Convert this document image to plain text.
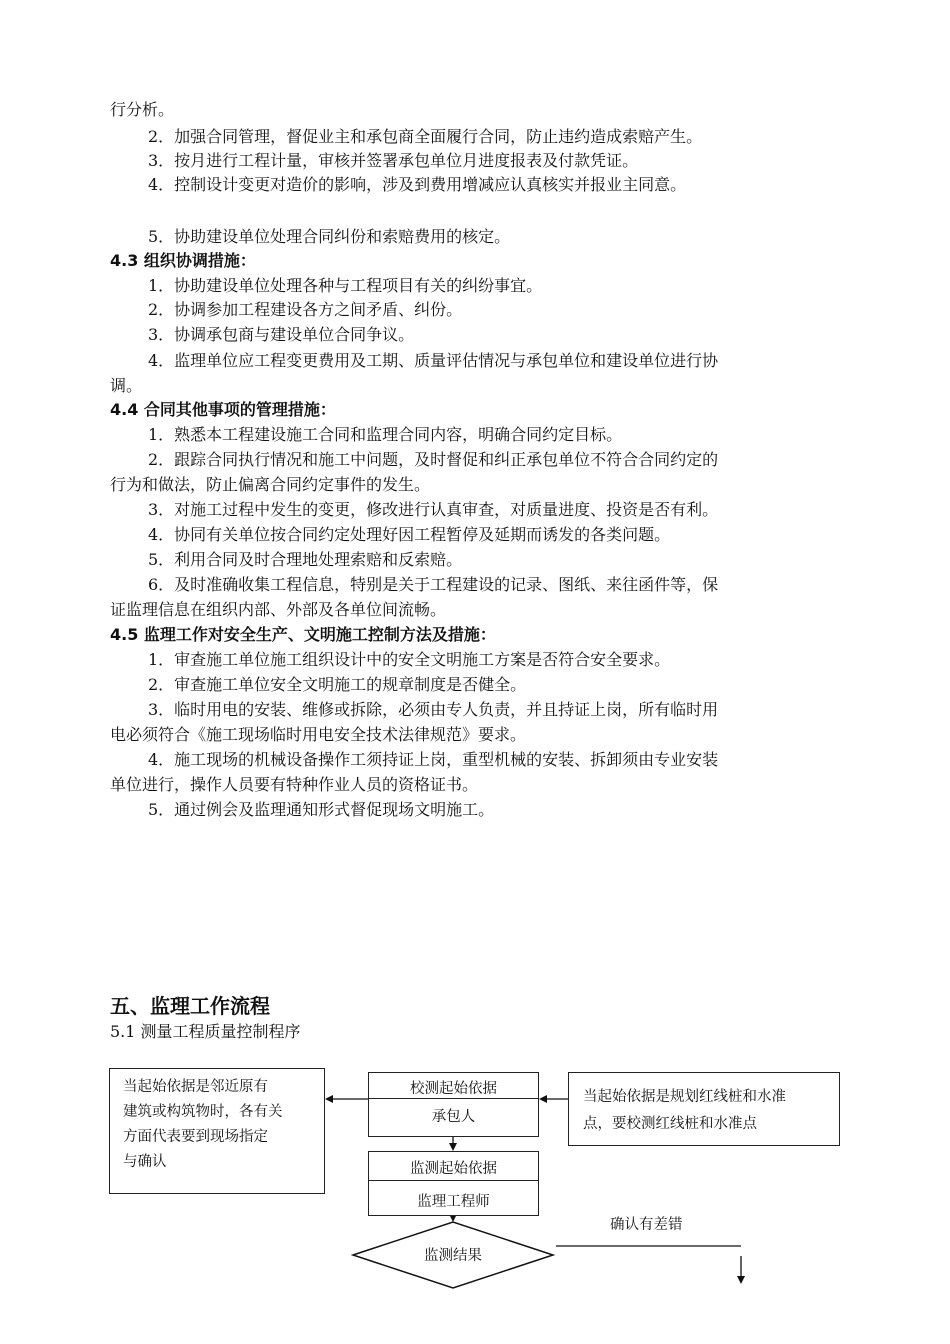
行分析。
2．加强合同管理，督促业主和承包商全面履行合同，防止违约造成索赔产生。
3．按月进行工程计量，审核并签署承包单位月进度报表及付款凭证。
4．控制设计变更对造价的影响，涉及到费用增减应认真核实并报业主同意。
5．协助建设单位处理合同纠份和索赔费用的核定。
4.3 组织协调措施：
1．协助建设单位处理各种与工程项目有关的纠纷事宜。
2．协调参加工程建设各方之间矛盾、纠份。
3．协调承包商与建设单位合同争议。
4．监理单位应工程变更费用及工期、质量评估情况与承包单位和建设单位进行协
调。
4.4 合同其他事项的管理措施：
1．熟悉本工程建设施工合同和监理合同内容，明确合同约定目标。
2．跟踪合同执行情况和施工中问题，及时督促和纠正承包单位不符合合同约定的
行为和做法，防止偏离合同约定事件的发生。
3．对施工过程中发生的变更，修改进行认真审查，对质量进度、投资是否有利。
4．协同有关单位按合同约定处理好因工程暂停及延期而诱发的各类问题。
5．利用合同及时合理地处理索赔和反索赔。
6．及时准确收集工程信息，特别是关于工程建设的记录、图纸、来往函件等，保
证监理信息在组织内部、外部及各单位间流畅。
4.5 监理工作对安全生产、文明施工控制方法及措施：
1．审查施工单位施工组织设计中的安全文明施工方案是否符合安全要求。
2．审查施工单位安全文明施工的规章制度是否健全。
3．临时用电的安装、维修或拆除，必须由专人负责，并且持证上岗，所有临时用
电必须符合《施工现场临时用电安全技术法律规范》要求。
4．施工现场的机械设备操作工须持证上岗，重型机械的安装、拆卸须由专业安装
单位进行，操作人员要有特种作业人员的资格证书。
5．通过例会及监理通知形式督促现场文明施工。
五、监理工作流程
5.1 测量工程质量控制程序
当起始依据是邻近原有
建筑或构筑物时，各有关
方面代表要到现场指定
与确认
当起始依据是规划红线桩和水准
点，要校测红线桩和水准点
校测起始依据
承包人
监测起始依据
监理工程师
监测结果
确认有差错
